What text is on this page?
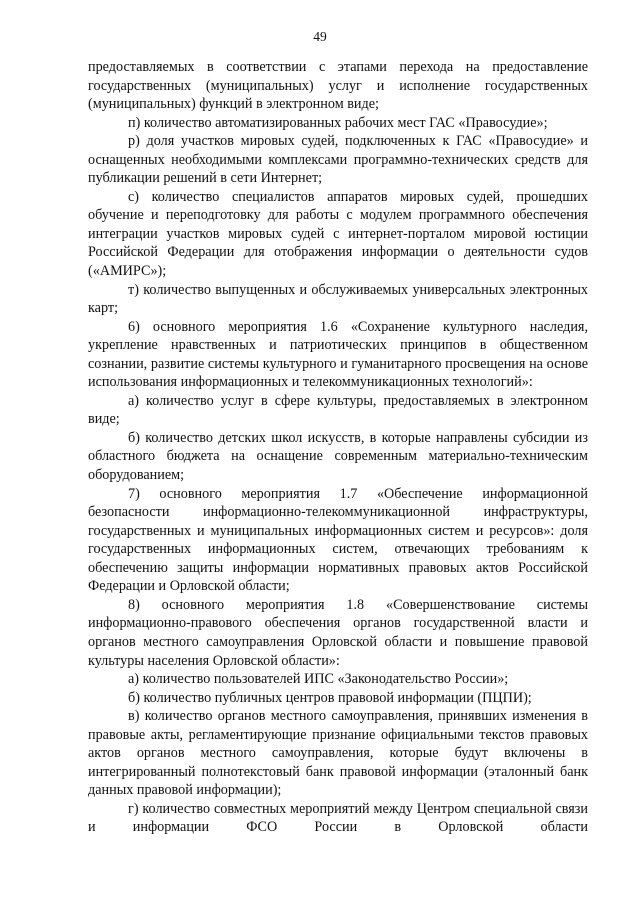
49

предоставляемых в соответствии с этапами перехода на предоставление государственных (муниципальных) услуг и исполнение государственных (муниципальных) функций в электронном виде;

п) количество автоматизированных рабочих мест ГАС «Правосудие»;

р) доля участков мировых судей, подключенных к ГАС «Правосудие» и оснащенных необходимыми комплексами программно-технических средств для публикации решений в сети Интернет;

с) количество специалистов аппаратов мировых судей, прошедших обучение и переподготовку для работы с модулем программного обеспечения интеграции участков мировых судей с интернет-порталом мировой юстиции Российской Федерации для отображения информации о деятельности судов («АМИРС»);

т) количество выпущенных и обслуживаемых универсальных электронных карт;

6) основного мероприятия 1.6 «Сохранение культурного наследия, укрепление нравственных и патриотических принципов в общественном сознании, развитие системы культурного и гуманитарного просвещения на основе использования информационных и телекоммуникационных технологий»:

а) количество услуг в сфере культуры, предоставляемых в электронном виде;

б) количество детских школ искусств, в которые направлены субсидии из областного бюджета на оснащение современным материально-техническим оборудованием;

7) основного мероприятия 1.7 «Обеспечение информационной безопасности информационно-телекоммуникационной инфраструктуры, государственных и муниципальных информационных систем и ресурсов»: доля государственных информационных систем, отвечающих требованиям к обеспечению защиты информации нормативных правовых актов Российской Федерации и Орловской области;

8) основного мероприятия 1.8 «Совершенствование системы информационно-правового обеспечения органов государственной власти и органов местного самоуправления Орловской области и повышение правовой культуры населения Орловской области»:

а) количество пользователей ИПС «Законодательство России»;

б) количество публичных центров правовой информации (ПЦПИ);

в) количество органов местного самоуправления, принявших изменения в правовые акты, регламентирующие признание официальными текстов правовых актов органов местного самоуправления, которые будут включены в интегрированный полнотекстовый банк правовой информации (эталонный банк данных правовой информации);

г) количество совместных мероприятий между Центром специальной связи и информации ФСО России в Орловской области
